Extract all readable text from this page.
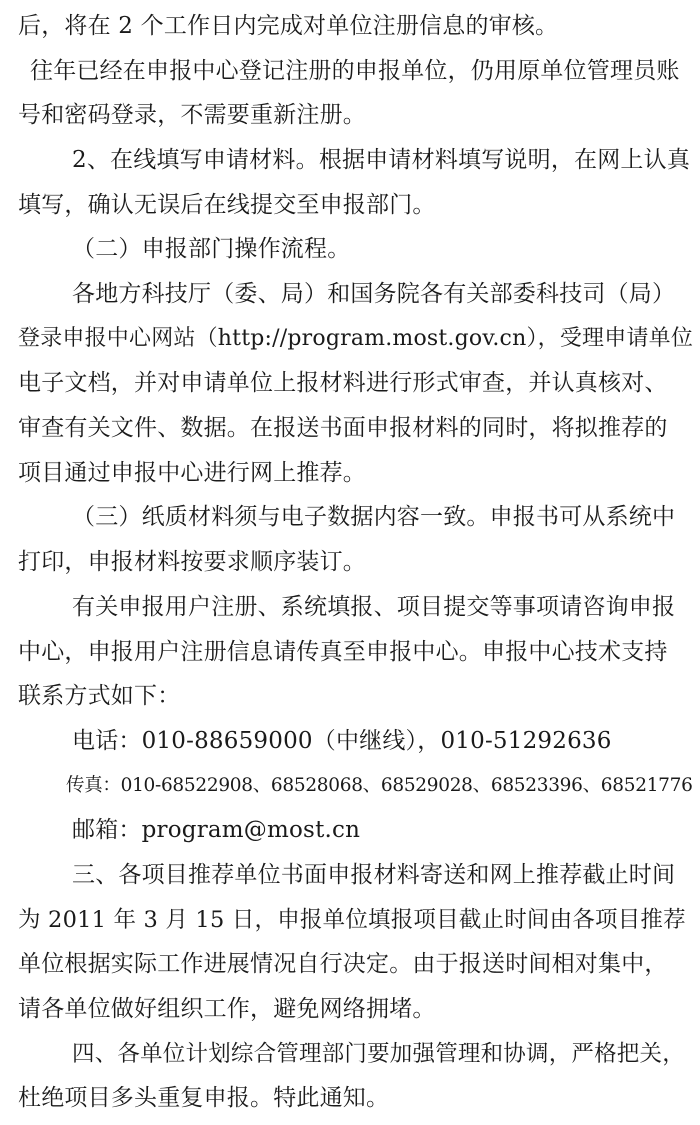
后，将在 2 个工作日内完成对单位注册信息的审核。
往年已经在申报中心登记注册的申报单位，仍用原单位管理员账
号和密码登录，不需要重新注册。
2、在线填写申请材料。根据申请材料填写说明，在网上认真
填写，确认无误后在线提交至申报部门。
（二）申报部门操作流程。
各地方科技厅（委、局）和国务院各有关部委科技司（局）
登录申报中心网站（http://program.most.gov.cn），受理申请单位
电子文档，并对申请单位上报材料进行形式审查，并认真核对、
审查有关文件、数据。在报送书面申报材料的同时，将拟推荐的
项目通过申报中心进行网上推荐。
（三）纸质材料须与电子数据内容一致。申报书可从系统中
打印，申报材料按要求顺序装订。
有关申报用户注册、系统填报、项目提交等事项请咨询申报
中心，申报用户注册信息请传真至申报中心。申报中心技术支持
联系方式如下：
电话：010-88659000（中继线），010-51292636
传真：010-68522908、68528068、68529028、68523396、68521776
邮箱：program@most.cn
三、各项目推荐单位书面申报材料寄送和网上推荐截止时间
为 2011 年 3 月 15 日，申报单位填报项目截止时间由各项目推荐
单位根据实际工作进展情况自行决定。由于报送时间相对集中，
请各单位做好组织工作，避免网络拥堵。
四、各单位计划综合管理部门要加强管理和协调，严格把关，
杜绝项目多头重复申报。特此通知。
